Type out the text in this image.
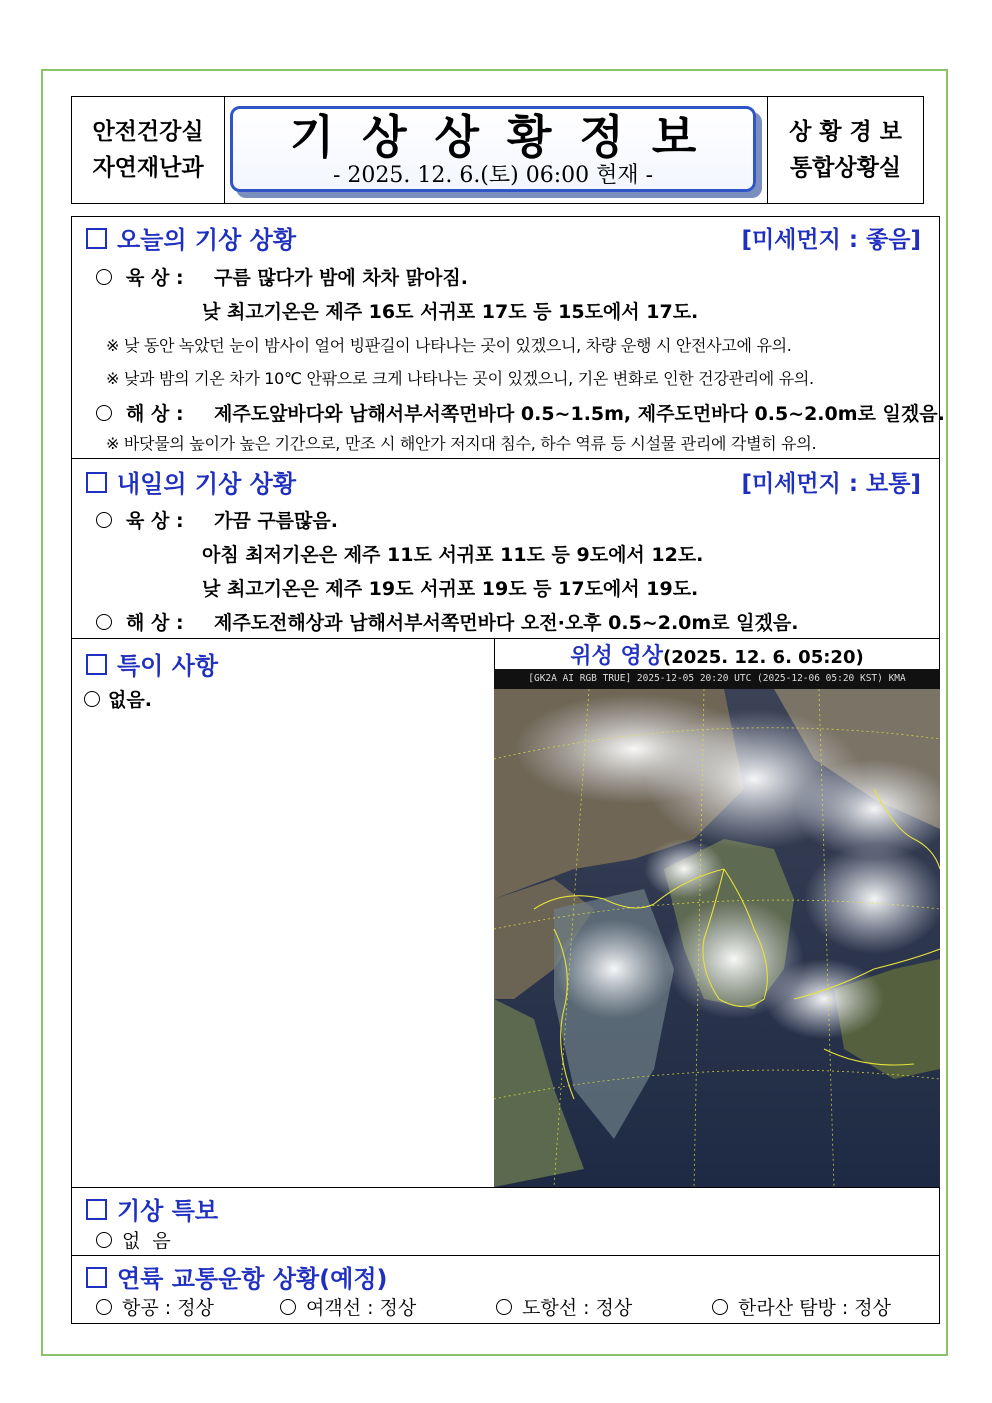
안전건강실
자연재난과
기상상황정보
- 2025. 12. 6.(토) 06:00 현재 -
상황경보
통합상황실
오늘의 기상 상황	[미세먼지 : 좋음]
육 상 : 구름 많다가 밤에 차차 맑아짐.
낮 최고기온은 제주 16도 서귀포 17도 등 15도에서 17도.
※ 낮 동안 녹았던 눈이 밤사이 얼어 빙판길이 나타나는 곳이 있겠으니, 차량 운행 시 안전사고에 유의.
※ 낮과 밤의 기온 차가 10℃ 안팎으로 크게 나타나는 곳이 있겠으니, 기온 변화로 인한 건강관리에 유의.
해 상 : 제주도앞바다와 남해서부서쪽먼바다 0.5~1.5m, 제주도먼바다 0.5~2.0m로 일겠음.
※ 바닷물의 높이가 높은 기간으로, 만조 시 해안가 저지대 침수, 하수 역류 등 시설물 관리에 각별히 유의.
내일의 기상 상황	[미세먼지 : 보통]
육 상 : 가끔 구름많음.
아침 최저기온은 제주 11도 서귀포 11도 등 9도에서 12도.
낮 최고기온은 제주 19도 서귀포 19도 등 17도에서 19도.
해 상 : 제주도전해상과 남해서부서쪽먼바다 오전·오후 0.5~2.0m로 일겠음.
특이 사항
없음.
위성 영상(2025. 12. 6. 05:20)
[GK2A AI RGB TRUE] 2025-12-05 20:20 UTC (2025-12-06 05:20 KST) KMA
기상 특보
없  음
연륙 교통운항 상황(예정)
항공 : 정상	여객선 : 정상	도항선 : 정상	한라산 탐방 : 정상
